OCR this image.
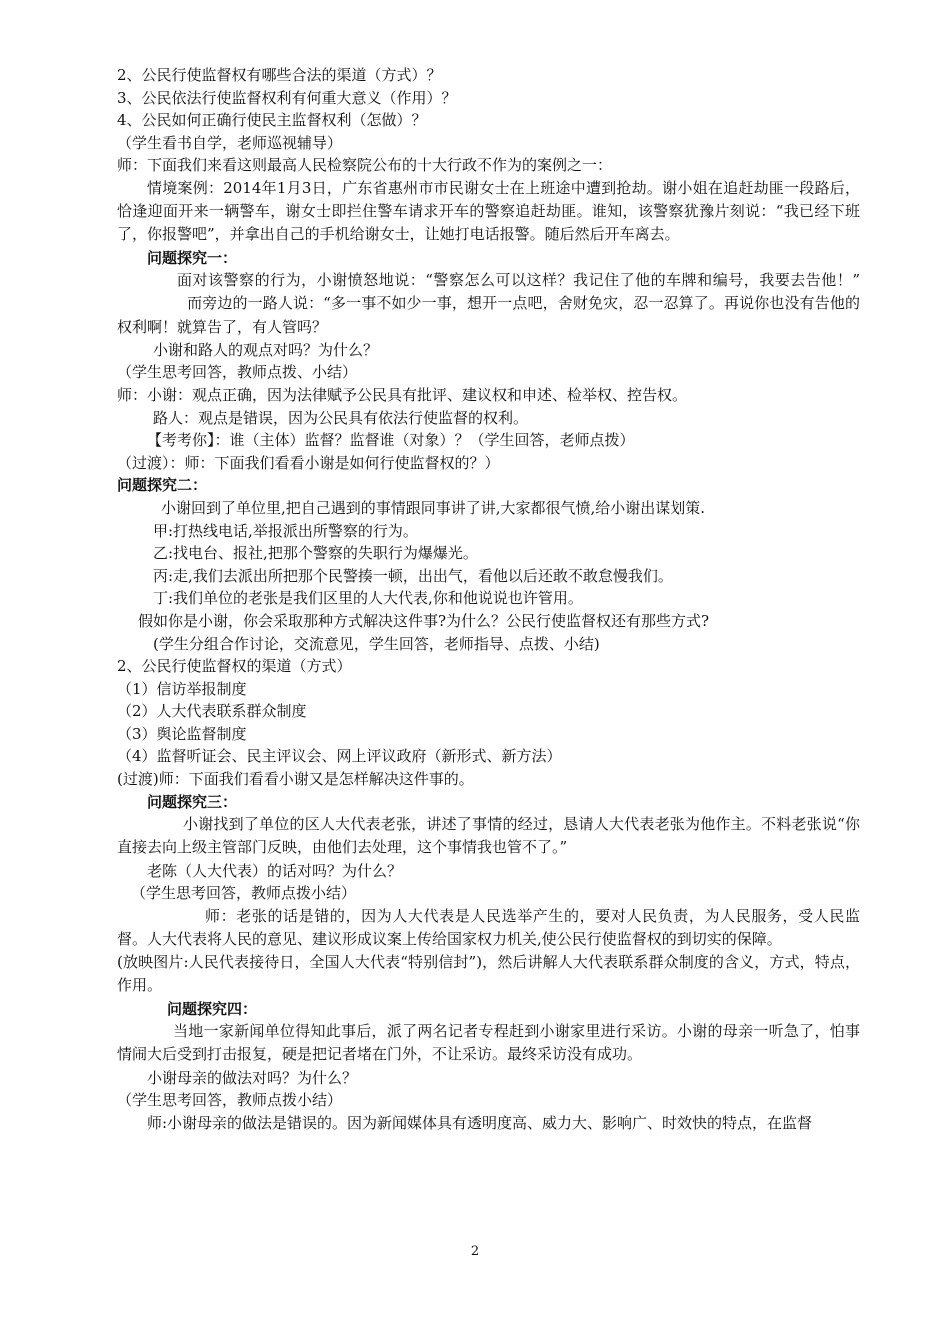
2、公民行使监督权有哪些合法的渠道（方式）？
3、公民依法行使监督权利有何重大意义（作用）？
4、公民如何正确行使民主监督权利（怎做）？
（学生看书自学，老师巡视辅导）
师：下面我们来看这则最高人民检察院公布的十大行政不作为的案例之一：
情境案例：2014年1月3日，广东省惠州市市民谢女士在上班途中遭到抢劫。谢小姐在追赶劫匪一段路后，恰逢迎面开来一辆警车，谢女士即拦住警车请求开车的警察追赶劫匪。谁知，该警察犹豫片刻说：“我已经下班了，你报警吧”，并拿出自己的手机给谢女士，让她打电话报警。随后然后开车离去。
问题探究一：
面对该警察的行为，小谢愤怒地说：“警察怎么可以这样？我记住了他的车牌和编号，我要去告他！”而旁边的一路人说：“多一事不如少一事，想开一点吧，舍财免灾，忍一忍算了。再说你也没有告他的权利啊！就算告了，有人管吗？
小谢和路人的观点对吗？为什么？
（学生思考回答，教师点拨、小结）
师：小谢：观点正确，因为法律赋予公民具有批评、建议权和申述、检举权、控告权。
路人：观点是错误，因为公民具有依法行使监督的权利。
【考考你】：谁（主体）监督？监督谁（对象）？（学生回答，老师点拨）
（过渡）：师：下面我们看看小谢是如何行使监督权的？）
问题探究二：
小谢回到了单位里,把自己遇到的事情跟同事讲了讲,大家都很气愤,给小谢出谋划策.
甲:打热线电话,举报派出所警察的行为。
乙:找电台、报社,把那个警察的失职行为爆爆光。
丙:走,我们去派出所把那个民警揍一顿，出出气，看他以后还敢不敢怠慢我们。
丁:我们单位的老张是我们区里的人大代表,你和他说说也许管用。
假如你是小谢，你会采取那种方式解决这件事?为什么？公民行使监督权还有那些方式?
(学生分组合作讨论，交流意见，学生回答，老师指导、点拨、小结)
2、公民行使监督权的渠道（方式）
（1）信访举报制度
（2）人大代表联系群众制度
（3）舆论监督制度
（4）监督听证会、民主评议会、网上评议政府（新形式、新方法）
(过渡)师：下面我们看看小谢又是怎样解决这件事的。
问题探究三：
小谢找到了单位的区人大代表老张，讲述了事情的经过，恳请人大代表老张为他作主。不料老张说“你直接去向上级主管部门反映，由他们去处理，这个事情我也管不了。”
老陈（人大代表）的话对吗？为什么？
（学生思考回答，教师点拨小结）
师：老张的话是错的，因为人大代表是人民选举产生的，要对人民负责，为人民服务，受人民监督。人大代表将人民的意见、建议形成议案上传给国家权力机关,使公民行使监督权的到切实的保障。
(放映图片:人民代表接待日，全国人大代表“特别信封”)，然后讲解人大代表联系群众制度的含义，方式，特点，作用。
问题探究四：
当地一家新闻单位得知此事后，派了两名记者专程赶到小谢家里进行采访。小谢的母亲一听急了，怕事情闹大后受到打击报复，硬是把记者堵在门外，不让采访。最终采访没有成功。
小谢母亲的做法对吗？为什么？
（学生思考回答，教师点拨小结）
师:小谢母亲的做法是错误的。因为新闻媒体具有透明度高、威力大、影响广、时效快的特点，在监督
2
